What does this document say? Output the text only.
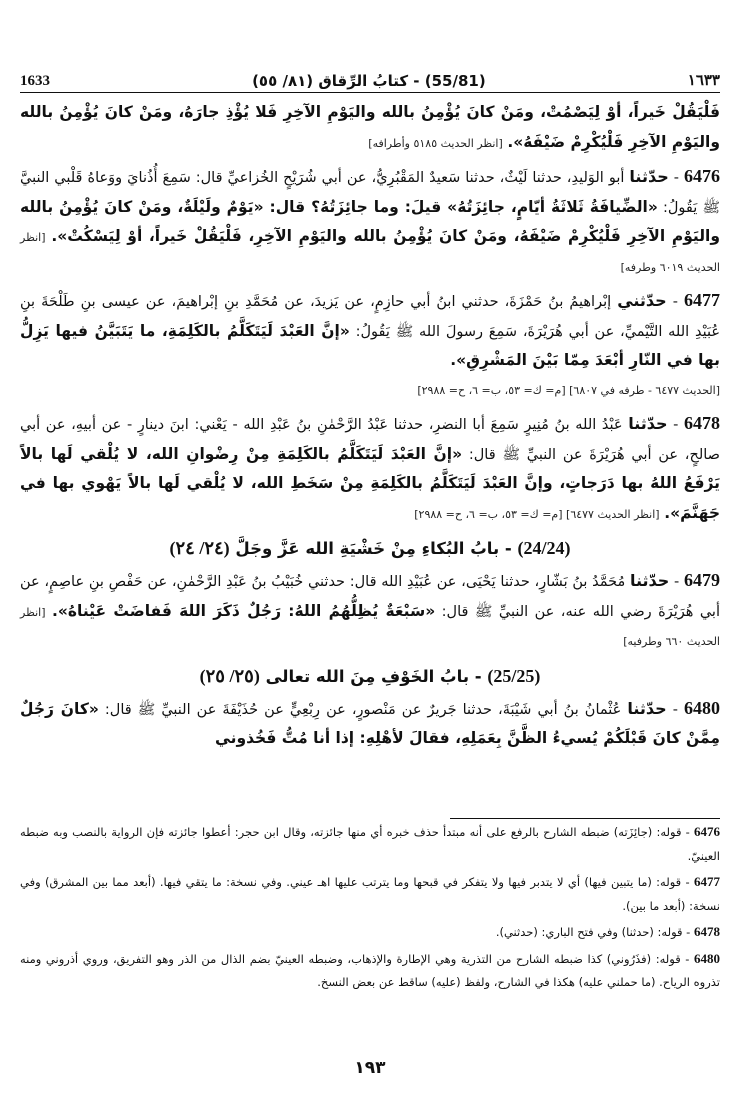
1633	(55/81) - كتابُ الرِّقاق (٨١/ ٥٥)	١٦٣٣

فَلْيَقُلْ خَيراً، أوْ لِيَصْمُتْ، ومَنْ كانَ يُؤْمِنُ بالله واليَوْمِ الآخِرِ فَلا يُؤْذِ جارَهُ، ومَنْ كانَ يُؤْمِنُ بالله واليَوْمِ الآخِرِ فَلْيُكْرِمْ ضَيْفَهُ». [انظر الحديث ٥١٨٥ وأطرافه]

6476 - حدّثنا أبو الوَليدِ، حدثنا لَيْثٌ، حدثنا سَعيدٌ المَقْبُرِيُّ، عن أبي شُرَيْحٍ الخُزاعيِّ قال: سَمِعَ أُذُنايَ ووَعاهُ قَلْبي النبيَّ ﷺ يَقُولُ: «الضِّيافَةُ ثَلاثَةُ أيّامٍ، جائِزَتُهُ» قيلَ: وما جائِزَتُهُ؟ قال: «يَوْمٌ ولَيْلَةٌ، ومَنْ كانَ يُؤْمِنُ بالله واليَوْمِ الآخِرِ فَلْيُكْرِمْ ضَيْفَهُ، ومَنْ كانَ يُؤْمِنُ بالله واليَوْمِ الآخِرِ، فَلْيَقُلْ خَيراً، أوْ لِيَسْكُتْ». [انظر الحديث ٦٠١٩ وطرفه]

6477 - حدّثني إبْراهيمُ بنُ حَمْزَةَ، حدثني ابنُ أبي حازِمٍ، عن يَزيدَ، عن مُحَمَّدِ بنِ إبْراهيمَ، عن عيسى بنِ طَلْحَةَ بنِ عُبَيْدِ الله التَّيْميِّ، عن أبي هُرَيْرَةَ، سَمِعَ رسولَ الله ﷺ يَقُولُ: «إنَّ العَبْدَ لَيَتَكَلَّمُ بالكَلِمَةِ، ما يَتَبَيَّنُ فيها يَزِلُّ بها في النّارِ أبْعَدَ مِمّا بَيْنَ المَشْرِقِ».
[الحديث ٦٤٧٧ - طرفه في ٦٨٠٧] [م= ك= ٥٣، ب= ٦، ح= ٢٩٨٨]

6478 - حدّثنا عَبْدُ الله بنُ مُنِيرٍ سَمِعَ أبا النضرِ، حدثنا عَبْدُ الرَّحْمٰنِ بنُ عَبْدِ الله - يَعْني: ابنَ دينارٍ - عن أبيهِ، عن أبي صالحٍ، عن أبي هُرَيْرَةَ عن النبيِّ ﷺ قال: «إنَّ العَبْدَ لَيَتَكَلَّمُ بالكَلِمَةِ مِنْ رِضْوانِ الله، لا يُلْقي لَها بالاً يَرْفَعُ اللهُ بها دَرَجاتٍ، وإنَّ العَبْدَ لَيَتَكَلَّمُ بالكَلِمَةِ مِنْ سَخَطِ الله، لا يُلْقي لَها بالاً يَهْوي بها في جَهَنَّمَ». [انظر الحديث ٦٤٧٧] [م= ك= ٥٣، ب= ٦، ح= ٢٩٨٨]

(24/24) - بابُ البُكاءِ مِنْ خَشْيَةِ الله عَزَّ وجَلَّ (٢٤/ ٢٤)

6479 - حدّثنا مُحَمَّدُ بنُ بَشّارٍ، حدثنا يَحْيَى، عن عُبَيْدِ الله قال: حدثني خُبَيْبُ بنُ عَبْدِ الرَّحْمٰنِ، عن حَفْصِ بنِ عاصِمٍ، عن أبي هُرَيْرَةَ رضي الله عنه، عن النبيِّ ﷺ قال: «سَبْعَةٌ يُظِلُّهُمُ اللهُ: رَجُلٌ ذَكَرَ اللهَ فَفاضَتْ عَيْناهُ». [انظر الحديث ٦٦٠ وطرفيه]

(25/25) - بابُ الخَوْفِ مِنَ الله تعالى (٢٥/ ٢٥)

6480 - حدّثنا عُثْمانُ بنُ أبي شَيْبَةَ، حدثنا جَريرٌ عن مَنْصورٍ، عن رِبْعِيٍّ عن حُذَيْفَةَ عن النبيِّ ﷺ قال: «كانَ رَجُلٌ مِمَّنْ كانَ قَبْلَكُمْ يُسيءُ الظَّنَّ بِعَمَلِهِ، فقالَ لأهْلِهِ: إذا أنا مُتُّ فَخُذوني

6476 - قوله: (جائِزَته) ضبطه الشارح بالرفع على أنه مبتدأ حذف خبره أي منها جائزته، وقال ابن حجر: أعطوا جائزته فإن الرواية بالنصب وبه ضبطه العينيّ.

6477 - قوله: (ما يتبين فيها) أي لا يتدبر فيها ولا يتفكر في قبحها وما يترتب عليها اهـ عيني. وفي نسخة: ما يتقي فيها. (أبعد مما بين المشرق) وفي نسخة: (أبعد ما بين).

6478 - قوله: (حدثنا) وفي فتح الباري: (حدثني).

6480 - قوله: (فذَرُوني) كذا ضبطه الشارح من التذرية وهي الإطارة والإذهاب، وضبطه العينيّ بضم الذال من الذر وهو التفريق، وروي أذروني ومنه تذروه الرياح. (ما حملني عليه) هكذا في الشارح، ولفظ (عليه) ساقط عن بعض النسخ.

١٩٣
